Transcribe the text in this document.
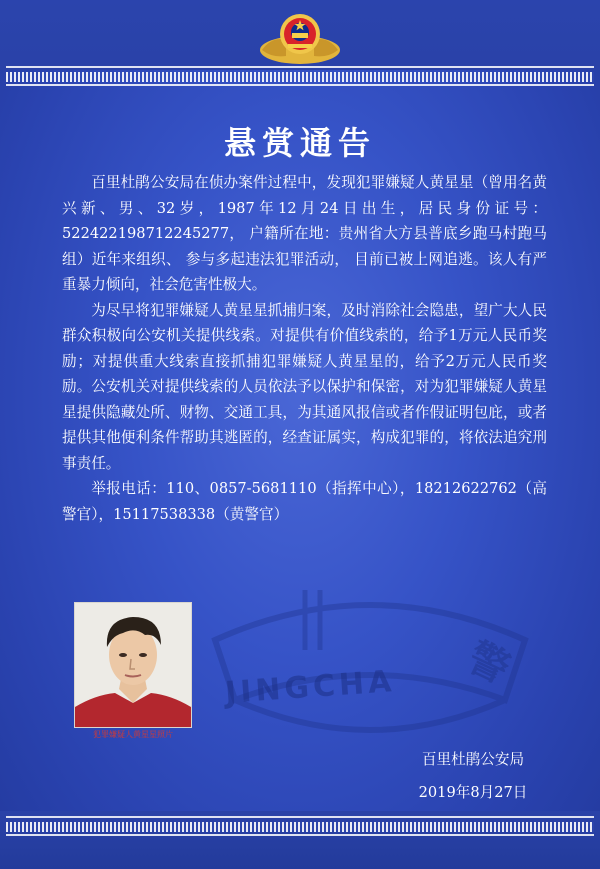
JINGCHA 警
悬赏通告

百里杜鹃公安局在侦办案件过程中，发现犯罪嫌疑人黄星星（曾用名黄兴新、男、32岁，1987年12月24日出生，居民身份证号：522422198712245277， 户籍所在地：贵州省大方县普底乡跑马村跑马组）近年来组织、 参与多起违法犯罪活动， 目前已被上网追逃。该人有严重暴力倾向，社会危害性极大。

为尽早将犯罪嫌疑人黄星星抓捕归案，及时消除社会隐患，望广大人民群众积极向公安机关提供线索。对提供有价值线索的，给予1万元人民币奖励；对提供重大线索直接抓捕犯罪嫌疑人黄星星的，给予2万元人民币奖励。公安机关对提供线索的人员依法予以保护和保密，对为犯罪嫌疑人黄星星提供隐藏处所、财物、交通工具，为其通风报信或者作假证明包庇，或者提供其他便利条件帮助其逃匿的，经查证属实，构成犯罪的，将依法追究刑事责任。

举报电话：110、0857-5681110（指挥中心），18212622762（高警官），15117538338（黄警官）

犯罪嫌疑人黄星星照片
百里杜鹃公安局
2019年8月27日
